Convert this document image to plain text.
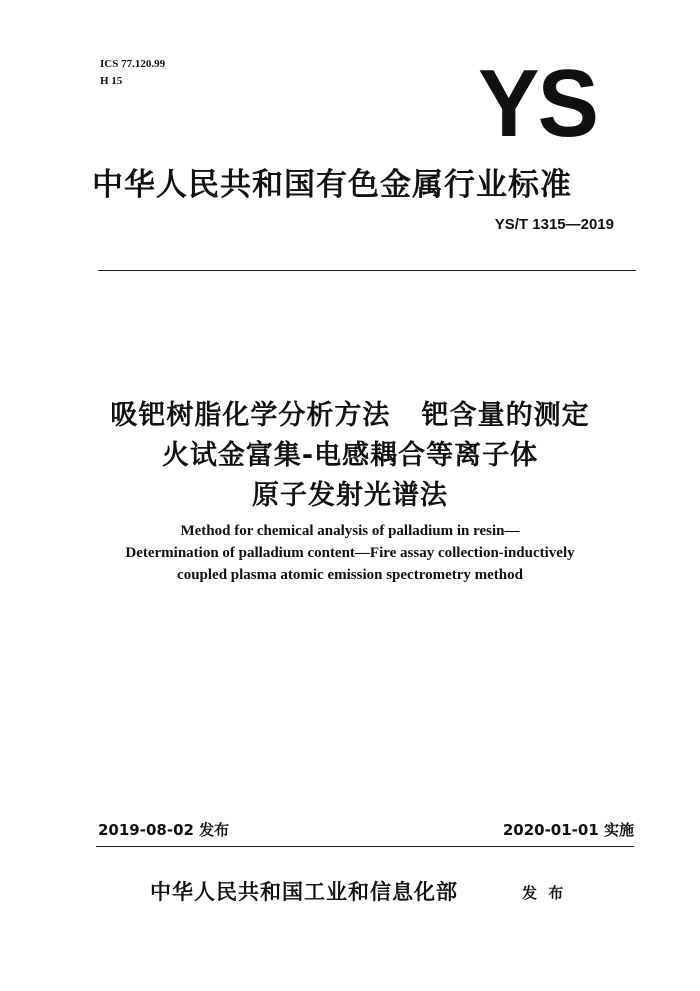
ICS 77.120.99
H 15	YS
中华人民共和国有色金属行业标准
YS/T 1315—2019
吸钯树脂化学分析方法   钯含量的测定
火试金富集-电感耦合等离子体
原子发射光谱法
Method for chemical analysis of palladium in resin—
Determination of palladium content—Fire assay collection-inductively
coupled plasma atomic emission spectrometry method
2019-08-02 发布	2020-01-01 实施
中华人民共和国工业和信息化部	发 布
